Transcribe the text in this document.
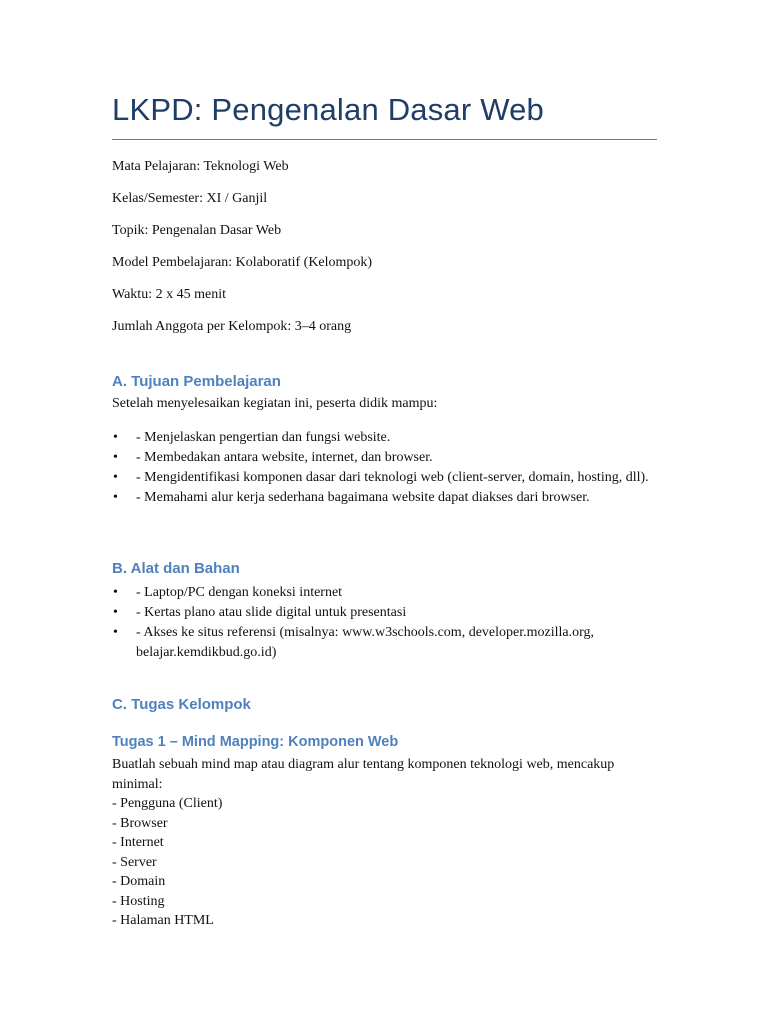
LKPD: Pengenalan Dasar Web
Mata Pelajaran: Teknologi Web
Kelas/Semester: XI / Ganjil
Topik: Pengenalan Dasar Web
Model Pembelajaran: Kolaboratif (Kelompok)
Waktu: 2 x 45 menit
Jumlah Anggota per Kelompok: 3–4 orang
A. Tujuan Pembelajaran
Setelah menyelesaikan kegiatan ini, peserta didik mampu:
• - Menjelaskan pengertian dan fungsi website.
• - Membedakan antara website, internet, dan browser.
• - Mengidentifikasi komponen dasar dari teknologi web (client-server, domain, hosting, dll).
• - Memahami alur kerja sederhana bagaimana website dapat diakses dari browser.
B. Alat dan Bahan
• - Laptop/PC dengan koneksi internet
• - Kertas plano atau slide digital untuk presentasi
• - Akses ke situs referensi (misalnya: www.w3schools.com, developer.mozilla.org, belajar.kemdikbud.go.id)
C. Tugas Kelompok
Tugas 1 – Mind Mapping: Komponen Web
Buatlah sebuah mind map atau diagram alur tentang komponen teknologi web, mencakup
minimal:
- Pengguna (Client)
- Browser
- Internet
- Server
- Domain
- Hosting
- Halaman HTML
